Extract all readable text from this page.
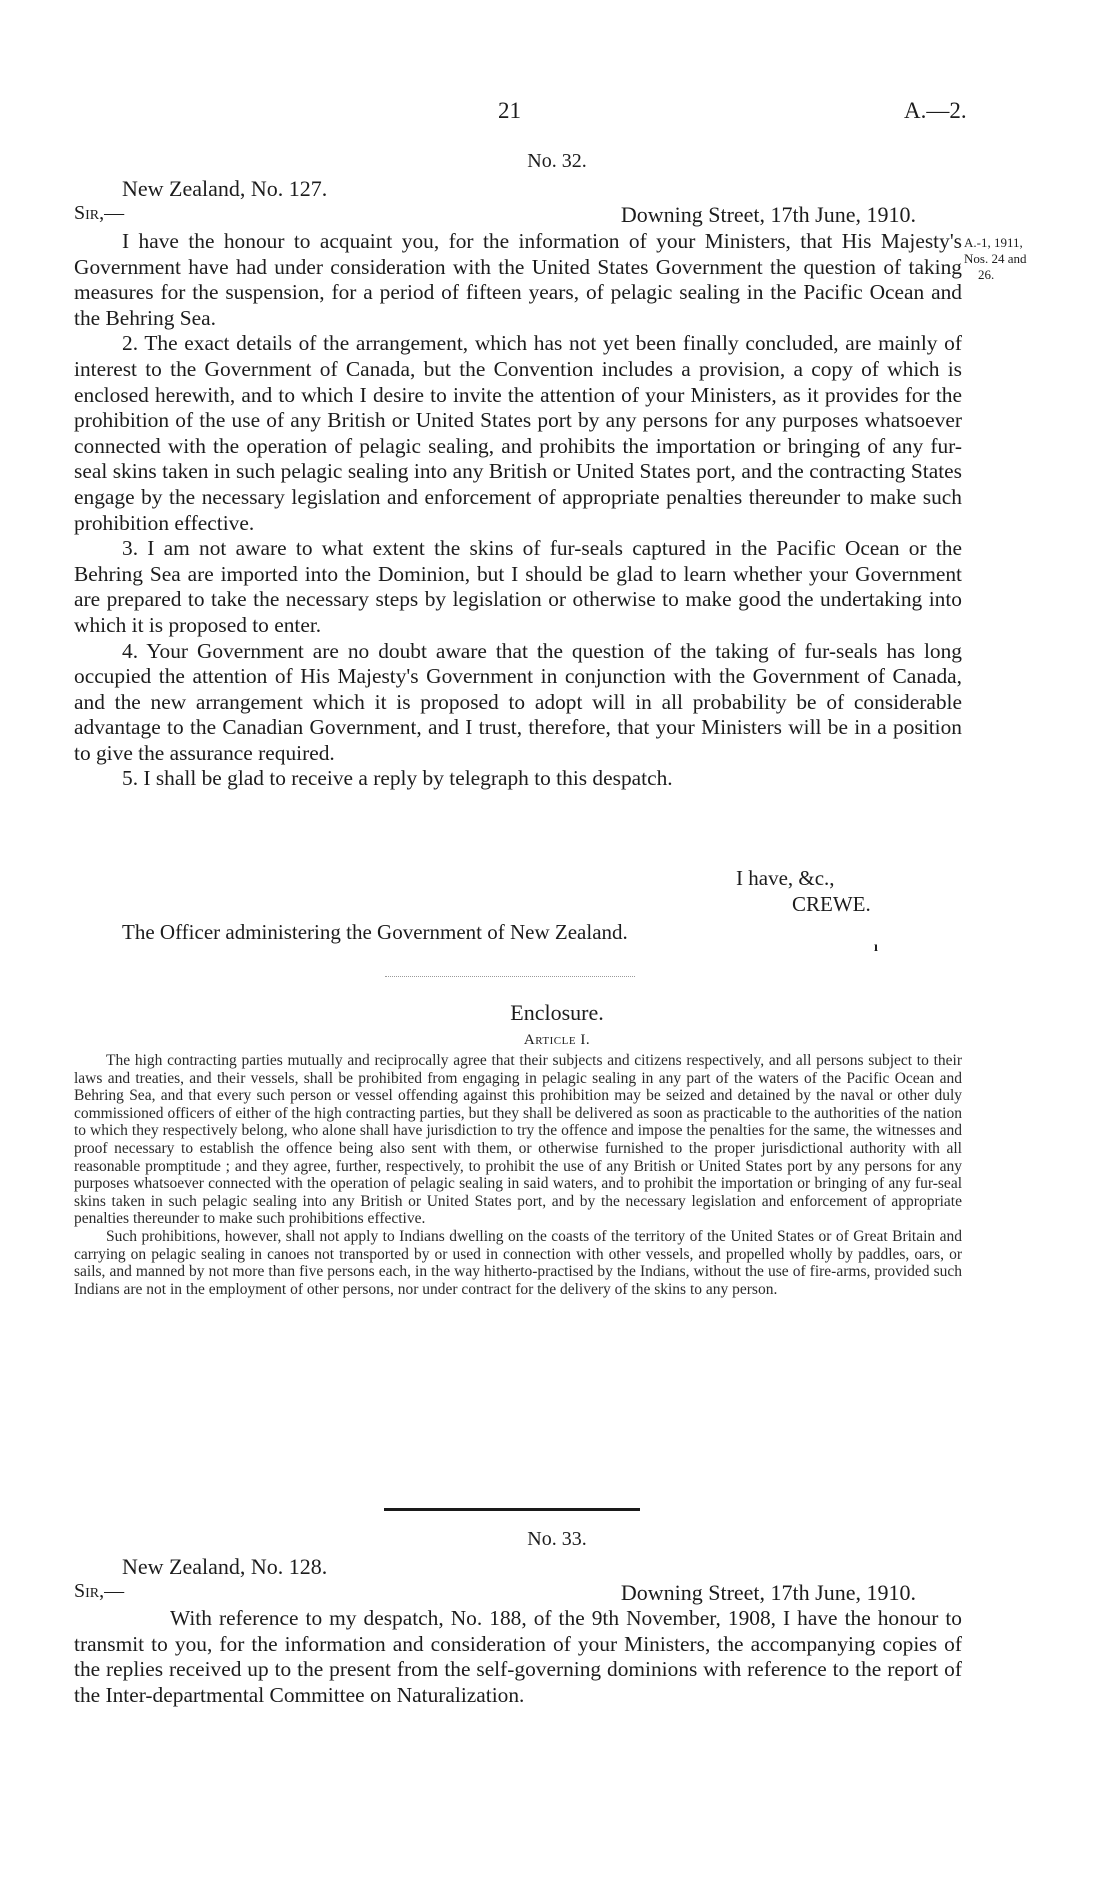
21	A.—2.
No. 32.
New Zealand, No. 127.
Sir,—	Downing Street, 17th June, 1910.

I have the honour to acquaint you, for the information of your Ministers, that His Majesty's Government have had under consideration with the United States Government the question of taking measures for the suspension, for a period of fifteen years, of pelagic sealing in the Pacific Ocean and the Behring Sea.

2. The exact details of the arrangement, which has not yet been finally concluded, are mainly of interest to the Government of Canada, but the Convention includes a provision, a copy of which is enclosed herewith, and to which I desire to invite the attention of your Ministers, as it provides for the prohibition of the use of any British or United States port by any persons for any purposes whatsoever connected with the operation of pelagic sealing, and prohibits the importation or bringing of any fur-seal skins taken in such pelagic sealing into any British or United States port, and the contracting States engage by the necessary legislation and enforcement of appropriate penalties thereunder to make such prohibition effective.

3. I am not aware to what extent the skins of fur-seals captured in the Pacific Ocean or the Behring Sea are imported into the Dominion, but I should be glad to learn whether your Government are prepared to take the necessary steps by legislation or otherwise to make good the undertaking into which it is proposed to enter.

4. Your Government are no doubt aware that the question of the taking of fur-seals has long occupied the attention of His Majesty's Government in conjunction with the Government of Canada, and the new arrangement which it is proposed to adopt will in all probability be of considerable advantage to the Canadian Government, and I trust, therefore, that your Ministers will be in a position to give the assurance required.

5. I shall be glad to receive a reply by telegraph to this despatch.

A.-1, 1911,
Nos. 24 and
26.
I have, &c.,
CREWE.
The Officer administering the Government of New Zealand.
ı
Enclosure.
Article I.

The high contracting parties mutually and reciprocally agree that their subjects and citizens respectively, and all persons subject to their laws and treaties, and their vessels, shall be prohibited from engaging in pelagic sealing in any part of the waters of the Pacific Ocean and Behring Sea, and that every such person or vessel offending against this prohibition may be seized and detained by the naval or other duly commissioned officers of either of the high contracting parties, but they shall be delivered as soon as practicable to the authorities of the nation to which they respectively belong, who alone shall have jurisdiction to try the offence and impose the penalties for the same, the witnesses and proof necessary to establish the offence being also sent with them, or otherwise furnished to the proper jurisdictional authority with all reasonable promptitude ; and they agree, further, respectively, to prohibit the use of any British or United States port by any persons for any purposes whatsoever connected with the operation of pelagic sealing in said waters, and to prohibit the importation or bringing of any fur-seal skins taken in such pelagic sealing into any British or United States port, and by the necessary legislation and enforcement of appropriate penalties thereunder to make such prohibitions effective.

Such prohibitions, however, shall not apply to Indians dwelling on the coasts of the territory of the United States or of Great Britain and carrying on pelagic sealing in canoes not transported by or used in connection with other vessels, and propelled wholly by paddles, oars, or sails, and manned by not more than five persons each, in the way hitherto-practised by the Indians, without the use of fire-arms, provided such Indians are not in the employment of other persons, nor under contract for the delivery of the skins to any person.

No. 33.
New Zealand, No. 128.
Sir,—	Downing Street, 17th June, 1910.

With reference to my despatch, No. 188, of the 9th November, 1908, I have the honour to transmit to you, for the information and consideration of your Ministers, the accompanying copies of the replies received up to the present from the self-governing dominions with reference to the report of the Inter-departmental Committee on Naturalization.
